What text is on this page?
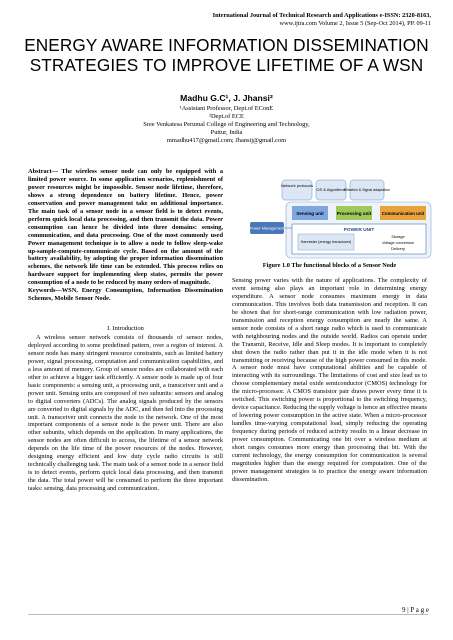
International Journal of Technical Research and Applications e-ISSN: 2320-8163,
www.ijtra.com Volume 2, Issue 5 (Sep-Oct 2014), PP. 09-11
ENERGY AWARE INFORMATION DISSEMINATION STRATEGIES TO IMPROVE LIFETIME OF A WSN
Madhu G.C¹, J. Jhansi²
¹Assistant Professor, Dept.of EConE
²Dept.of ECE
Sree Venkatesa Perumal College of Engineering and Technology,
Puttur, India
mmadhu417@gmail.com; Jhansij@gmail.com

Abstract— The wireless sensor node can only be equipped with a limited power source. In some application scenarios, replenishment of power resources might be impossible. Sensor node lifetime, therefore, shows a strong dependence on battery lifetime. Hence, power conservation and power management take on additional importance. The main task of a sensor node in a sensor field is to detect events, perform quick local data processing, and then transmit the data. Power consumption can hence be divided into three domains: sensing, communication, and data processing. One of the most commonly used Power management technique is to allow a node to follow sleep-wake up-sample-compute-communicate cycle. Based on the amount of the battery availability, by adopting the proper information dissemination schemes, the network life time can be extended. This process relies on hardware support for implementing sleep states, permits the power consumption of a node to be reduced by many orders of magnitude.

Keywords—WSN, Energy Consumption, Information Dissemination Schemes, Mobile Sensor Node.

I. Introduction

A wireless sensor network consists of thousands of sensor nodes, deployed according to some predefined pattern, over a region of interest. A sensor node has many stringent resource constraints, such as limited battery power, signal processing, computation and communication capabilities, and a less amount of memory. Group of sensor nodes are collaborated with each other to achieve a bigger task efficiently. A sensor node is made up of four basic components: a sensing unit, a processing unit, a transceiver unit and a power unit. Sensing units are composed of two subunits: sensors and analog to digital converters (ADCs). The analog signals produced by the sensors are converted to digital signals by the ADC, and then fed into the processing unit. A transceiver unit connects the node to the network. One of the most important components of a sensor node is the power unit. There are also other subunits, which depends on the application. In many applications, the sensor nodes are often difficult to access, the lifetime of a sensor network depends on the life time of the power resources of the nodes. However, designing energy efficient and low duty cycle radio circuits is still technically challenging task. The main task of a sensor node in a sensor field is to detect events, perform quick local data processing, and then transmit the data. The total power will be consumed to perform the three important tasks: sensing, data processing and communication.

Network protocols
OS & Algorithms
Filtration & Signal adaptation
Sensing unit	Processing unit Communication unit
POWER UNIT
Harvester (energy transducer)
Storage
Voltage conversion
Delivery
Power Management
Figure 1.0 The functional blocks of a Sensor Node

Sensing power varies with the nature of applications. The complexity of event sensing also plays an important role in determining energy expenditure. A sensor node consumes maximum energy in data communication. This involves both data transmission and reception. It can be shown that for short-range communication with low radiation power, transmission and reception energy consumption are nearly the same. A sensor node consists of a short range radio which is used to communicate with neighbouring nodes and the outside world. Radios can operate under the Transmit, Receive, Idle and Sleep modes. It is important to completely shut down the radio rather than put it in the idle mode when it is not transmitting or receiving because of the high power consumed in this mode. A sensor node must have computational abilities and be capable of interacting with its surroundings. The limitations of cost and size lead us to choose complementary metal oxide semiconductor (CMOS) technology for the micro-processor. A CMOS transistor pair draws power every time it is switched. This switching power is proportional to the switching frequency, device capacitance. Reducing the supply voltage is hence an effective means of lowering power consumption in the active state. When a micro-processor handles time-varying computational load, simply reducing the operating frequency during periods of reduced activity results in a linear decrease in power consumption. Communicating one bit over a wireless medium at short ranges consumes more energy than processing that bit. With the current technology, the energy consumption for communication is several magnitudes higher than the energy required for computation. One of the power management strategies is to practice the energy aware information dissemination.

9 | P a g e
